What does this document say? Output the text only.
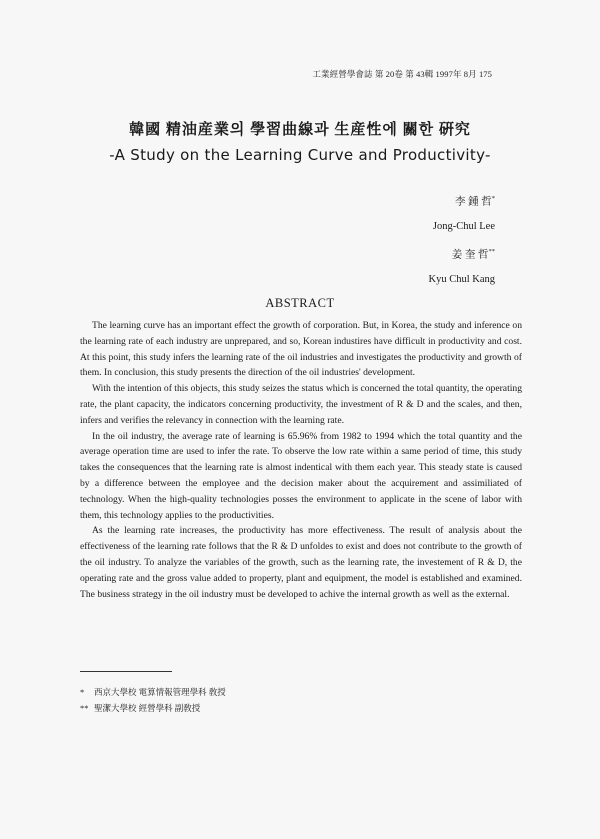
工業經營學會誌 第 20卷 第 43輯 1997年 8月 175
韓國 精油産業의 學習曲線과 生産性에 關한 硏究
-A Study on the Learning Curve and Productivity-
李 鍾 哲*
Jong-Chul Lee
姜 奎 哲**
Kyu Chul Kang
ABSTRACT

The learning curve has an important effect the growth of corporation. But, in Korea, the study and inference on the learning rate of each industry are unprepared, and so, Korean industires have difficult in productivity and cost. At this point, this study infers the learning rate of the oil industries and investigates the productivity and growth of them. In conclusion, this study presents the direction of the oil industries' development.

With the intention of this objects, this study seizes the status which is concerned the total quantity, the operating rate, the plant capacity, the indicators concerning productivity, the investment of R & D and the scales, and then, infers and verifies the relevancy in connection with the learning rate.

In the oil industry, the average rate of learning is 65.96% from 1982 to 1994 which the total quantity and the average operation time are used to infer the rate. To observe the low rate within a same period of time, this study takes the consequences that the learning rate is almost indentical with them each year. This steady state is caused by a difference between the employee and the decision maker about the acquirement and assimiliated of technology. When the high-quality technologies posses the environment to applicate in the scene of labor with them, this technology applies to the productivities.

As the learning rate increases, the productivity has more effectiveness. The result of analysis about the effectiveness of the learning rate follows that the R & D unfoldes to exist and does not contribute to the growth of the oil industry. To analyze the variables of the growth, such as the learning rate, the investement of R & D, the operating rate and the gross value added to property, plant and equipment, the model is established and examined. The business strategy in the oil industry must be developed to achive the internal growth as well as the external.

* 西京大學校 電算情報管理學科 敎授
** 聖潔大學校 經營學科 副敎授
